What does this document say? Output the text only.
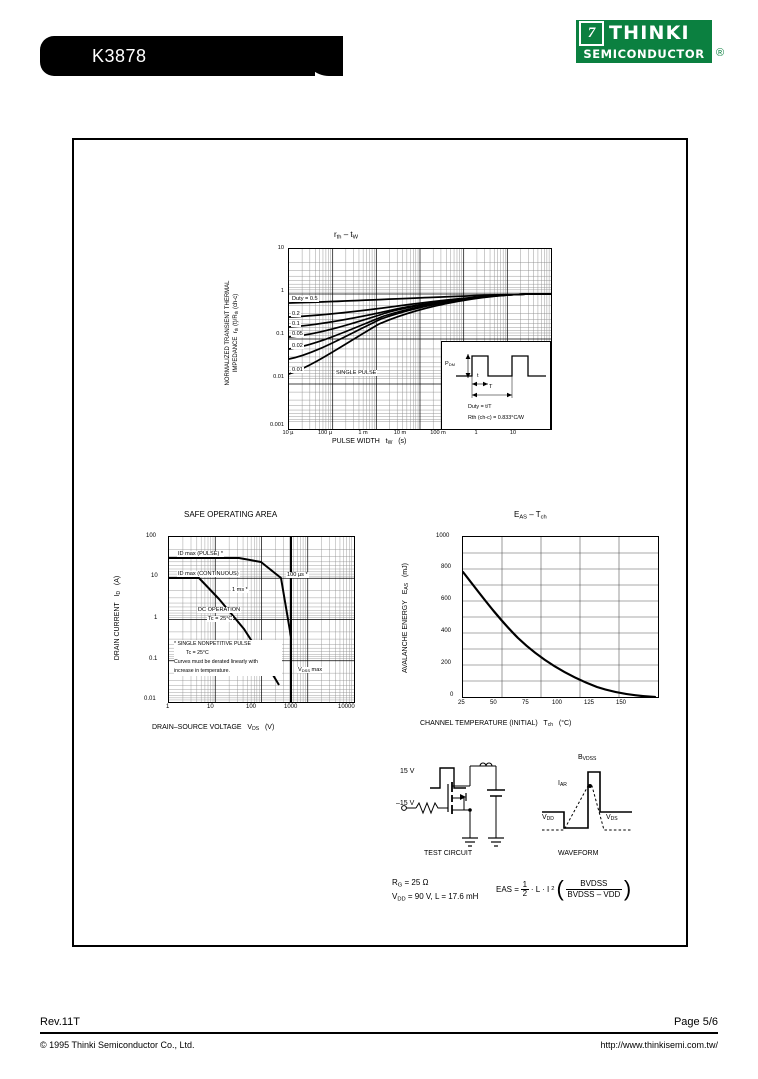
K3878
7 THINKI
SEMICONDUCTOR	®
$r_{th} - t_W$
NORMALIZED TRANSIENT THERMAL IMPEDANCE  $r_{th}$ $(t)/R_{th}$ (ch-c)
10
1
0.1
0.01
0.001
10 µ	100 µ	1 m	10 m	100 m	1	10
PULSE WIDTH   $t_W$   (s)
Duty = 0.5
0.2
0.1
0.05
0.02
0.01	SINGLE PULSE
$P_{DM}$
t
T
Duty = t/T
Rth (ch-c) = 0.833°C/W
SAFE OPERATING AREA
DRAIN CURRENT   $I_D$   (A)
100
10
1
0.1
0.01
1	10	100	1000	10000
DRAIN–SOURCE VOLTAGE   $V_{DS}$   (V)
ID max (PULSE) *
ID max (CONTINUOUS)	100 µs *
1 ms *
DC OPERATION
Tc = 25°C
$V_{DSS}$ max
* SINGLE NONPETITIVE PULSE
Tc = 25°C
Curves must be derated linearly with
increase in temperature.
$E_{AS} - T_{ch}$
AVALANCHE ENERGY   $E_{AS}$   (mJ)
1000
800
600
400
200
0
25	50	75	100	125	150
CHANNEL TEMPERATURE (INITIAL)   $T_{ch}$   (°C)
15 V
–15 V
TEST CIRCUIT	WAVEFORM
$B_{VDSS}$
$I_{AR}$
$V_{DD}$	$V_{DS}$
$R_G = 25$ Ω
$V_{DD} = 90$ V, L = 17.6 mH
EAS =
1
2 · L · I 2 ( BVDSS
BVDSS – VDD )
Rev.11T	Page 5/6
© 1995 Thinki Semiconductor Co., Ltd.	http://www.thinkisemi.com.tw/
